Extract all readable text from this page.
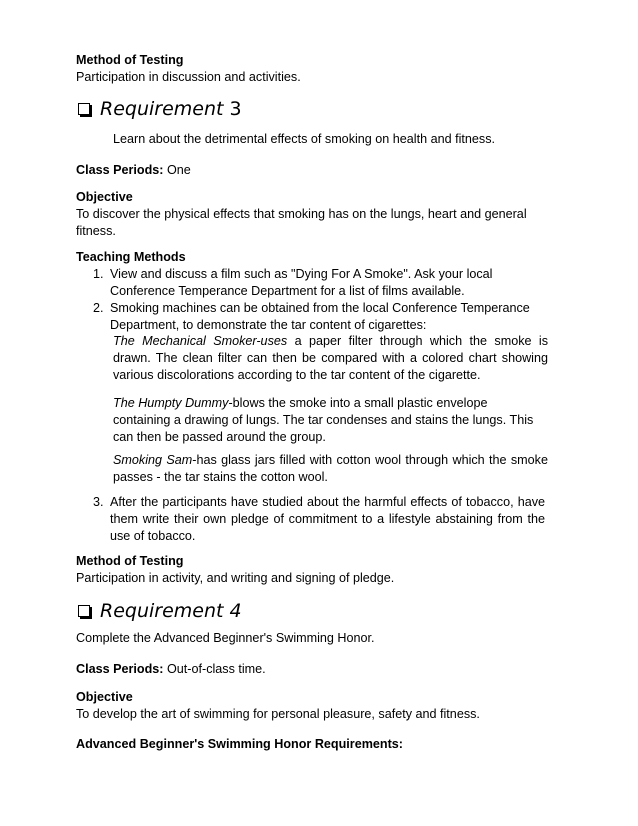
Method of Testing
Participation in discussion and activities.
Requirement 3
Learn about the detrimental effects of smoking on health and fitness.
Class Periods: One
Objective
To discover the physical effects that smoking has on the lungs, heart and general fitness.
Teaching Methods
1. View and discuss a film such as "Dying For A Smoke". Ask your local Conference Temperance Department for a list of films available.
2. Smoking machines can be obtained from the local Conference Temperance Department, to demonstrate the tar content of cigarettes:
The Mechanical Smoker-uses a paper filter through which the smoke is drawn. The clean filter can then be compared with a colored chart showing various discolorations according to the tar content of the cigarette.
The Humpty Dummy-blows the smoke into a small plastic envelope containing a drawing of lungs. The tar condenses and stains the lungs. This can then be passed around the group.
Smoking Sam-has glass jars filled with cotton wool through which the smoke passes - the tar stains the cotton wool.
3. After the participants have studied about the harmful effects of tobacco, have them write their own pledge of commitment to a lifestyle abstaining from the use of tobacco.
Method of Testing
Participation in activity, and writing and signing of pledge.
Requirement 4
Complete the Advanced Beginner's Swimming Honor.
Class Periods: Out-of-class time.
Objective
To develop the art of swimming for personal pleasure, safety and fitness.
Advanced Beginner's Swimming Honor Requirements:
